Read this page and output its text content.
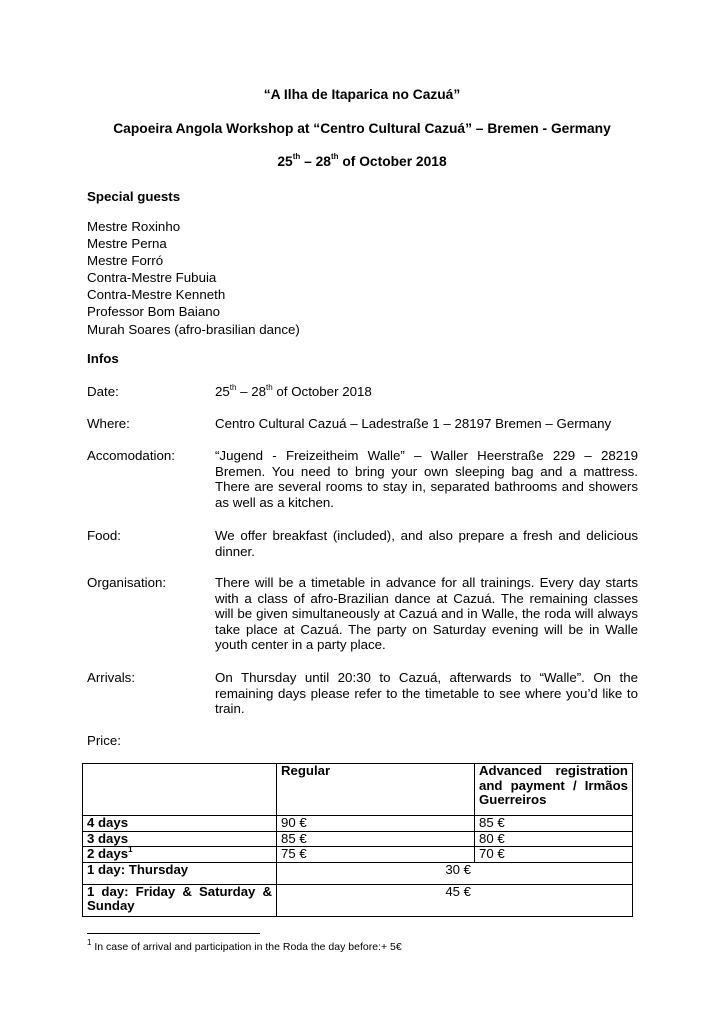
“A Ilha de Itaparica no Cazuá”
Capoeira Angola Workshop at “Centro Cultural Cazuá” – Bremen - Germany
25th – 28th of October 2018
Special guests
Mestre Roxinho
Mestre Perna
Mestre Forró
Contra-Mestre Fubuia
Contra-Mestre Kenneth
Professor Bom Baiano
Murah Soares (afro-brasilian dance)
Infos
Date:	25th – 28th of October 2018
Where:	Centro Cultural Cazuá – Ladestraße 1 – 28197 Bremen – Germany
Accomodation:	“Jugend - Freizeitheim Walle” – Waller Heerstraße 229 – 28219 Bremen. You need to bring your own sleeping bag and a mattress. There are several rooms to stay in, separated bathrooms and showers as well as a kitchen.
Food:	We offer breakfast (included), and also prepare a fresh and delicious dinner.
Organisation:	There will be a timetable in advance for all trainings. Every day starts with a class of afro-Brazilian dance at Cazuá. The remaining classes will be given simultaneously at Cazuá and in Walle, the roda will always take place at Cazuá. The party on Saturday evening will be in Walle youth center in a party place.
Arrivals:	On Thursday until 20:30 to Cazuá, afterwards to “Walle”. On the remaining days please refer to the timetable to see where you’d like to train.
Price:
	Regular	Advanced registration and payment / Irmãos Guerreiros
4 days	90 €	85 €
3 days	85 €	80 €
2 days$^1$	75 €	70 €
1 day: Thursday	30 €	

1 day: Friday & Saturday & Sunday	45 €	
$^1$ In case of arrival and participation in the Roda the day before:+ 5€
